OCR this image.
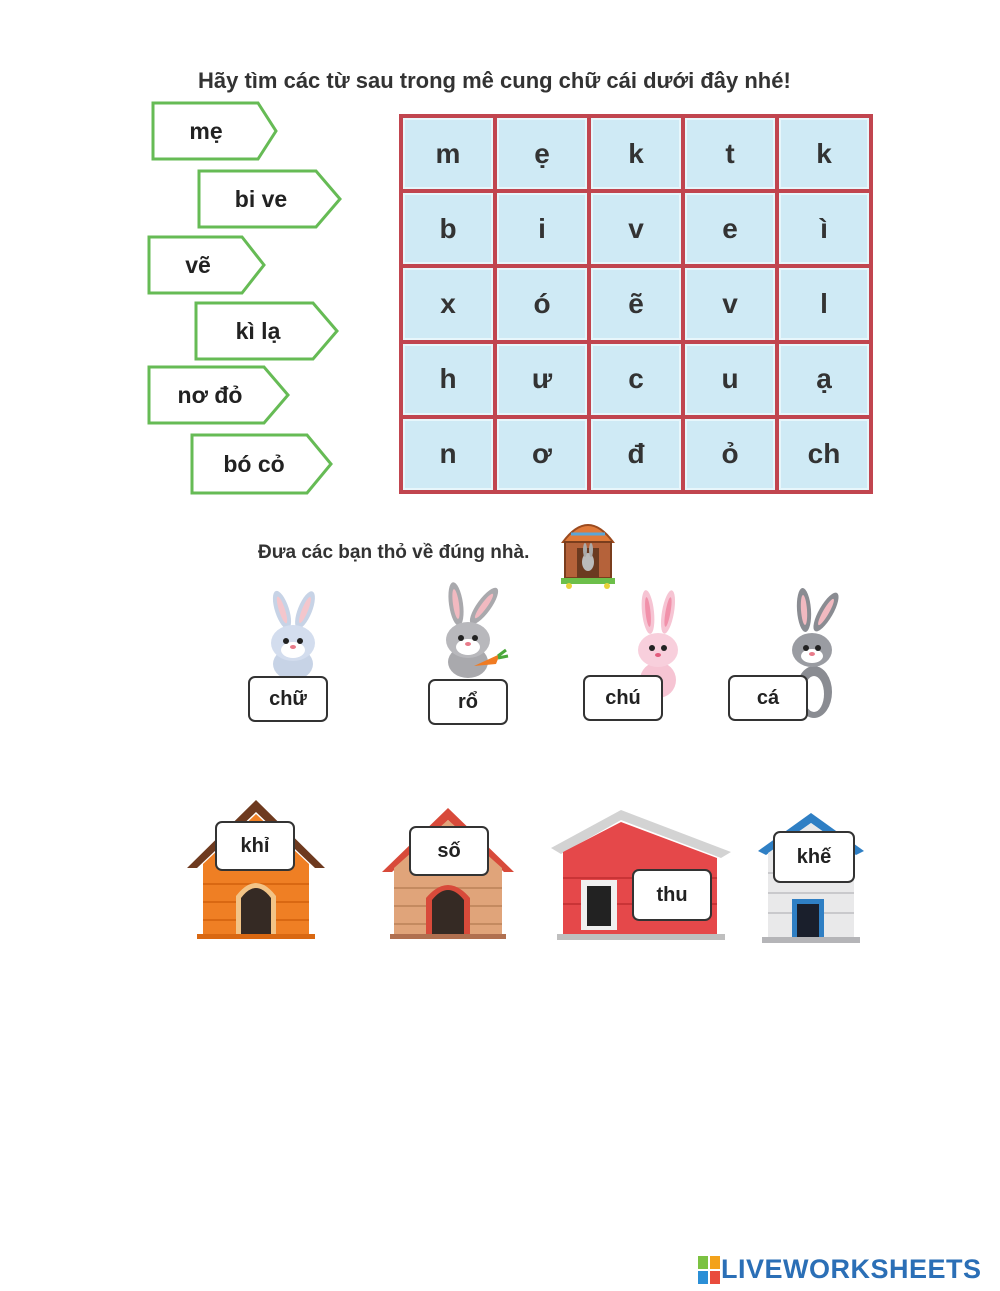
Hãy tìm các từ sau trong mê cung chữ cái dưới đây nhé!
mẹ
bi ve
vẽ
kì lạ
nơ đỏ
bó cỏ
m	ẹ	k	t	k
b	i	v	e	ì
x	ó	ẽ	v	l
h	ư	c	u	ạ
n	ơ	đ	ỏ	ch
Đưa các bạn thỏ về đúng nhà.
chữ	rổ	chú	cá
khỉ	số
thu
khế
LIVEWORKSHEETS
